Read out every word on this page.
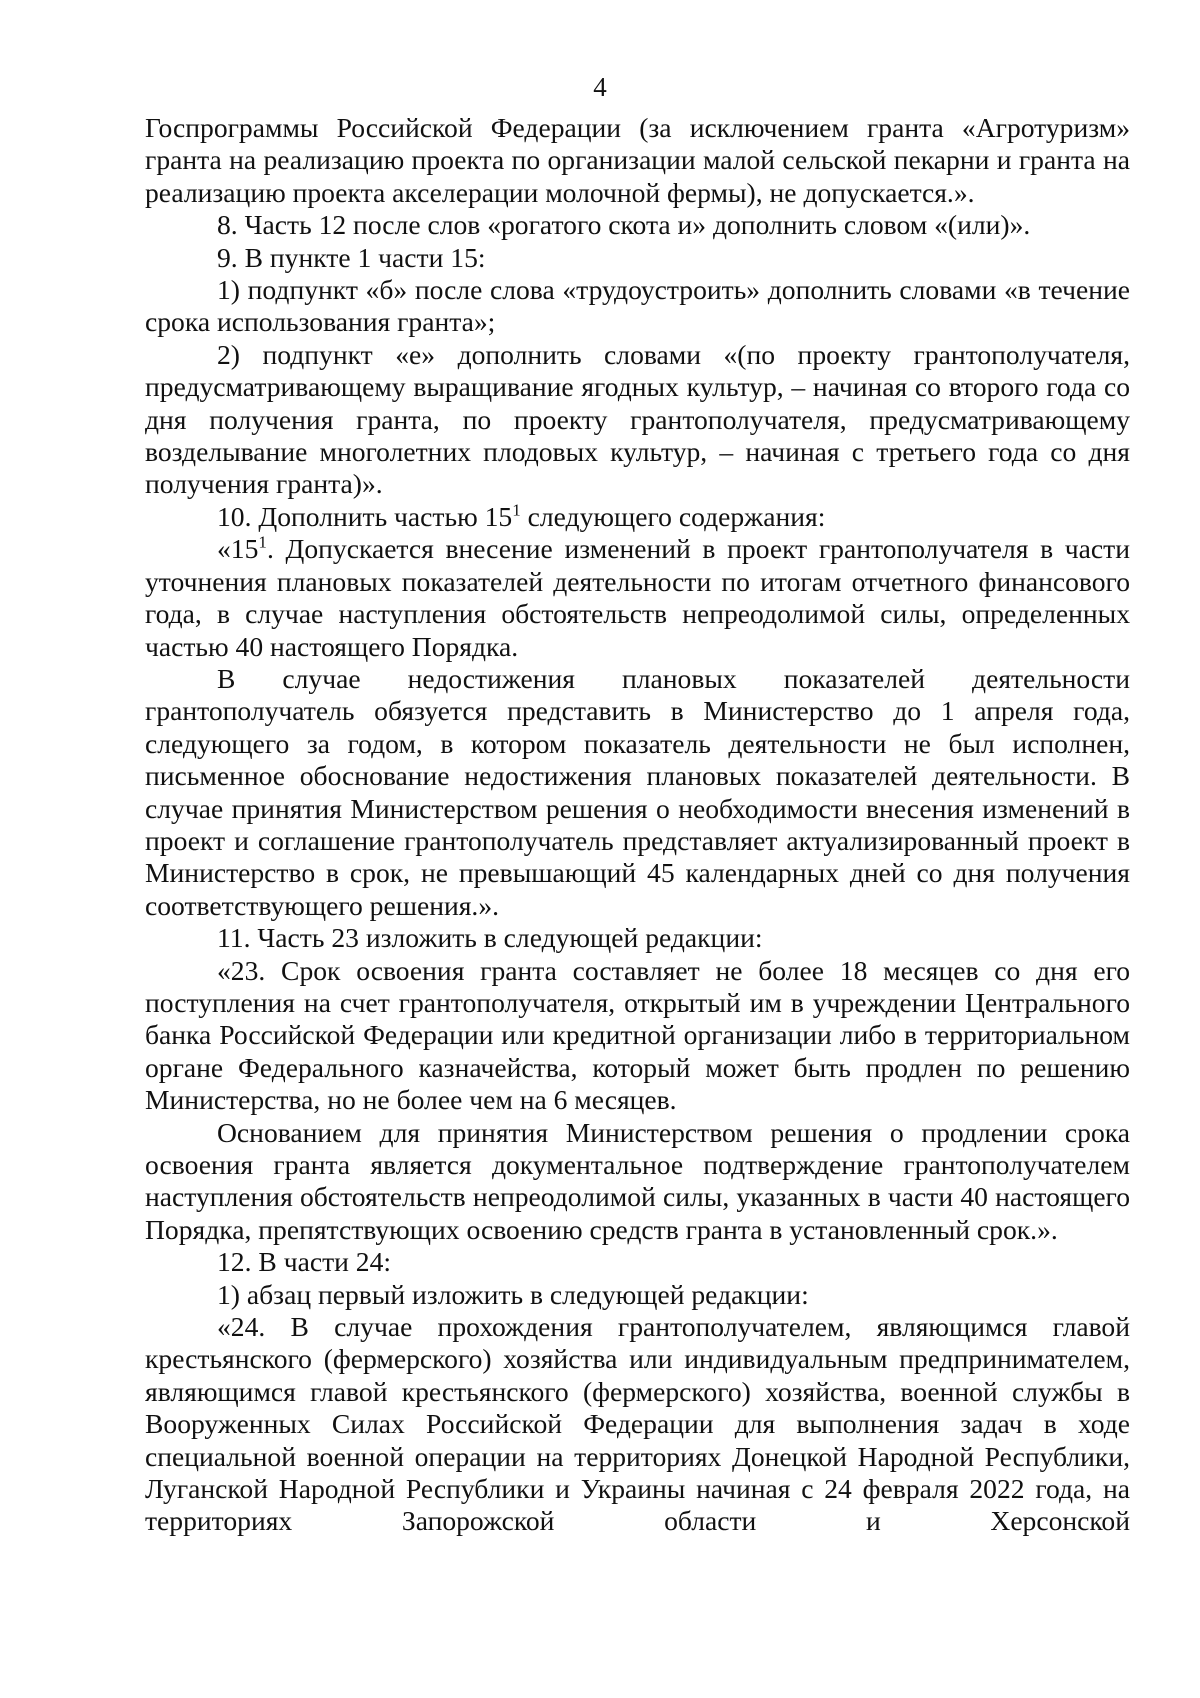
4

Госпрограммы Российской Федерации (за исключением гранта «Агротуризм» гранта на реализацию проекта по организации малой сельской пекарни и гранта на реализацию проекта акселерации молочной фермы), не допускается.».

8. Часть 12 после слов «рогатого скота и» дополнить словом «(или)».

9. В пункте 1 части 15:

1) подпункт «б» после слова «трудоустроить» дополнить словами «в течение срока использования гранта»;

2) подпункт «е» дополнить словами «(по проекту грантополучателя, предусматривающему выращивание ягодных культур, – начиная со второго года со дня получения гранта, по проекту грантополучателя, предусматривающему возделывание многолетних плодовых культур, – начиная с третьего года со дня получения гранта)».

10. Дополнить частью $15^1$ следующего содержания:

«$15^1$. Допускается внесение изменений в проект грантополучателя в части уточнения плановых показателей деятельности по итогам отчетного финансового года, в случае наступления обстоятельств непреодолимой силы, определенных частью 40 настоящего Порядка.

В случае недостижения плановых показателей деятельности грантополучатель обязуется представить в Министерство до 1 апреля года, следующего за годом, в котором показатель деятельности не был исполнен, письменное обоснование недостижения плановых показателей деятельности. В случае принятия Министерством решения о необходимости внесения изменений в проект и соглашение грантополучатель представляет актуализированный проект в Министерство в срок, не превышающий 45 календарных дней со дня получения соответствующего решения.».

11. Часть 23 изложить в следующей редакции:

«23. Срок освоения гранта составляет не более 18 месяцев со дня его поступления на счет грантополучателя, открытый им в учреждении Центрального банка Российской Федерации или кредитной организации либо в территориальном органе Федерального казначейства, который может быть продлен по решению Министерства, но не более чем на 6 месяцев.

Основанием для принятия Министерством решения о продлении срока освоения гранта является документальное подтверждение грантополучателем наступления обстоятельств непреодолимой силы, указанных в части 40 настоящего Порядка, препятствующих освоению средств гранта в установленный срок.».

12. В части 24:

1) абзац первый изложить в следующей редакции:

«24. В случае прохождения грантополучателем, являющимся главой крестьянского (фермерского) хозяйства или индивидуальным предпринимателем, являющимся главой крестьянского (фермерского) хозяйства, военной службы в Вооруженных Силах Российской Федерации для выполнения задач в ходе специальной военной операции на территориях Донецкой Народной Республики, Луганской Народной Республики и Украины начиная с 24 февраля 2022 года, на территориях Запорожской области и Херсонской
